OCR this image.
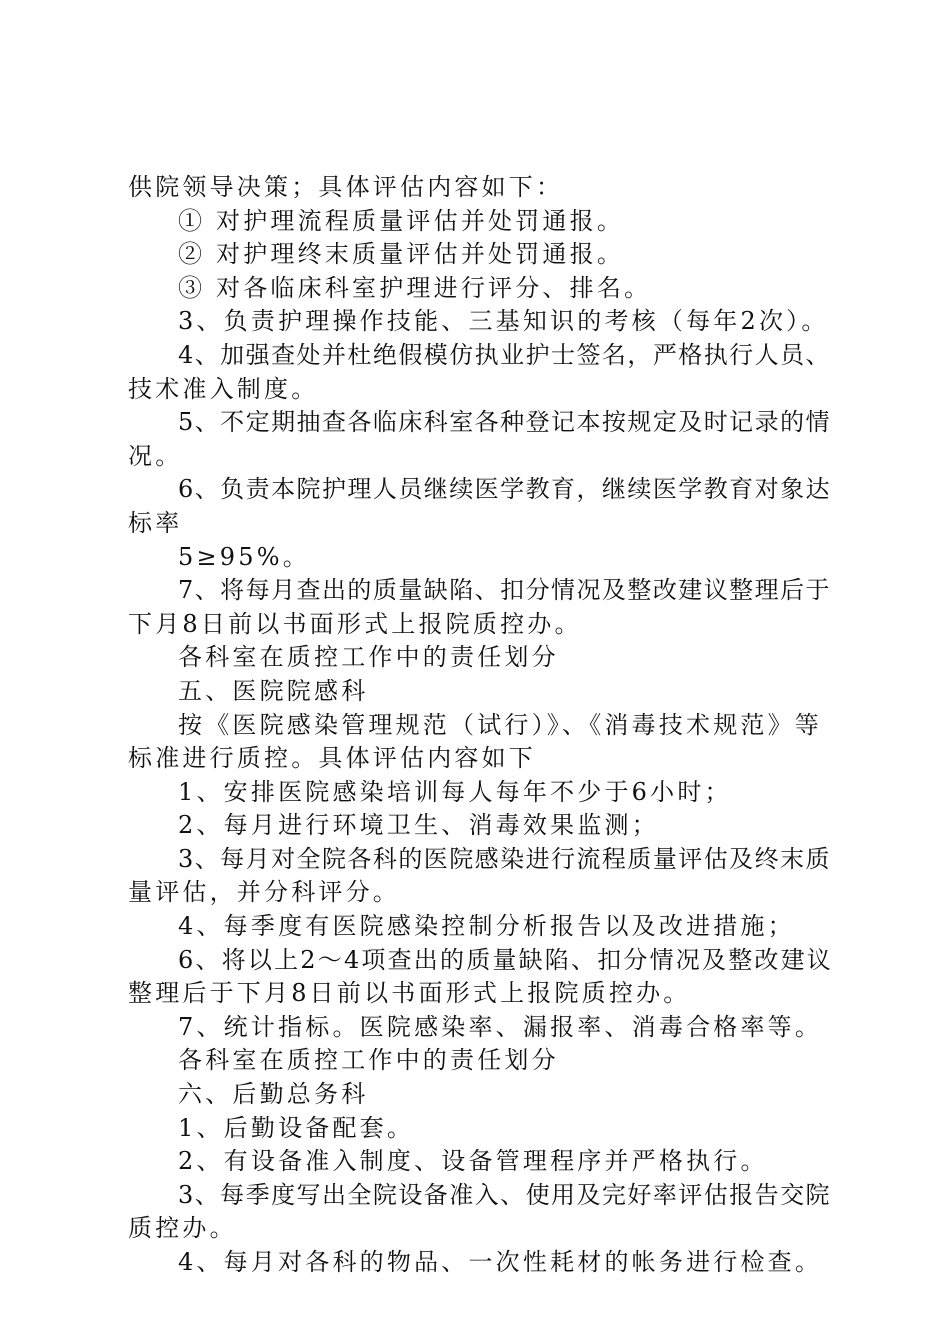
供院领导决策；具体评估内容如下：
① 对护理流程质量评估并处罚通报。
② 对护理终末质量评估并处罚通报。
③ 对各临床科室护理进行评分、排名。
3、负责护理操作技能、三基知识的考核（每年2次）。
4、加强查处并杜绝假模仿执业护士签名，严格执行人员、
技术准入制度。
5、不定期抽查各临床科室各种登记本按规定及时记录的情
况。
6、负责本院护理人员继续医学教育，继续医学教育对象达
标率
5≥95%。
7、将每月查出的质量缺陷、扣分情况及整改建议整理后于
下月8日前以书面形式上报院质控办。
各科室在质控工作中的责任划分
五、医院院感科
按《医院感染管理规范（试行）》、《消毒技术规范》等
标准进行质控。具体评估内容如下
1、安排医院感染培训每人每年不少于6小时；
2、每月进行环境卫生、消毒效果监测；
3、每月对全院各科的医院感染进行流程质量评估及终末质
量评估，并分科评分。
4、每季度有医院感染控制分析报告以及改进措施；
6、将以上2～4项查出的质量缺陷、扣分情况及整改建议
整理后于下月8日前以书面形式上报院质控办。
7、统计指标。医院感染率、漏报率、消毒合格率等。
各科室在质控工作中的责任划分
六、后勤总务科
1、后勤设备配套。
2、有设备准入制度、设备管理程序并严格执行。
3、每季度写出全院设备准入、使用及完好率评估报告交院
质控办。
4、每月对各科的物品、一次性耗材的帐务进行检查。
